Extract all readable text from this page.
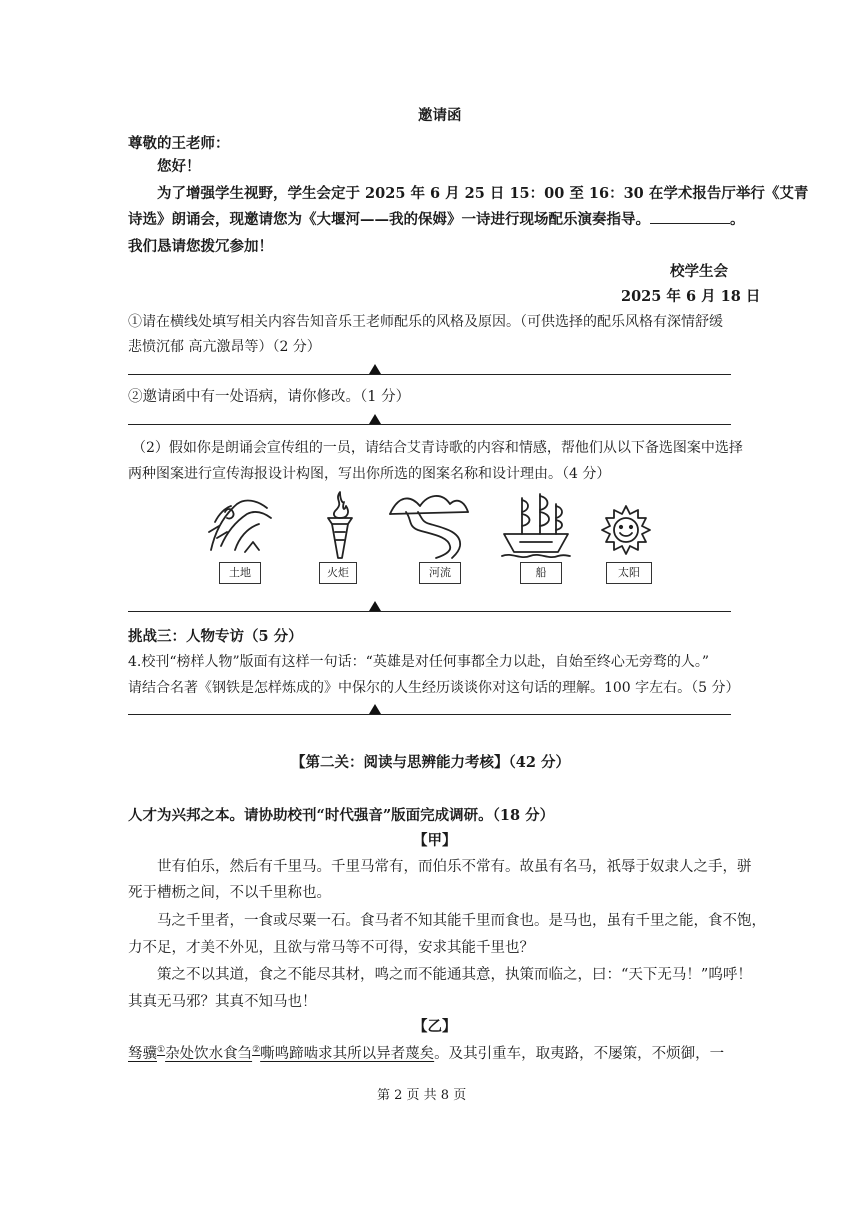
邀请函
尊敬的王老师：
您好！
为了增强学生视野，学生会定于 2025 年 6 月 25 日 15：00 至 16：30 在学术报告厅举行《艾青
诗选》朗诵会，现邀请您为《大堰河——我的保姆》一诗进行现场配乐演奏指导。	。
我们恳请您拨冗参加！
校学生会
2025 年 6 月 18 日
①请在横线处填写相关内容告知音乐王老师配乐的风格及原因。（可供选择的配乐风格有深情舒缓
悲愤沉郁 高亢激昂等）（2 分）
②邀请函中有一处语病，请你修改。（1 分）
（2）假如你是朗诵会宣传组的一员，请结合艾青诗歌的内容和情感，帮他们从以下备选图案中选择
两种图案进行宣传海报设计构图，写出你所选的图案名称和设计理由。（4 分）
土地	火炬	河流	船	太阳
挑战三：人物专访（5 分）
4.校刊“榜样人物”版面有这样一句话：“英雄是对任何事都全力以赴，自始至终心无旁骛的人。”
请结合名著《钢铁是怎样炼成的》中保尔的人生经历谈谈你对这句话的理解。100 字左右。（5 分）
【第二关：阅读与思辨能力考核】（42 分）
人才为兴邦之本。请协助校刊“时代强音”版面完成调研。（18 分）
【甲】
世有伯乐，然后有千里马。千里马常有，而伯乐不常有。故虽有名马，祇辱于奴隶人之手，骈
死于槽枥之间，不以千里称也。
马之千里者，一食或尽粟一石。食马者不知其能千里而食也。是马也，虽有千里之能，食不饱，
力不足，才美不外见，且欲与常马等不可得，安求其能千里也？
策之不以其道，食之不能尽其材，鸣之而不能通其意，执策而临之，曰：“天下无马！”呜呼！
其真无马邪？其真不知马也！
【乙】
驽骥①杂处饮水食刍②嘶鸣蹄啮求其所以异者蔑矣。及其引重车，取夷路，不屡策，不烦御，一
第 2 页 共 8 页
